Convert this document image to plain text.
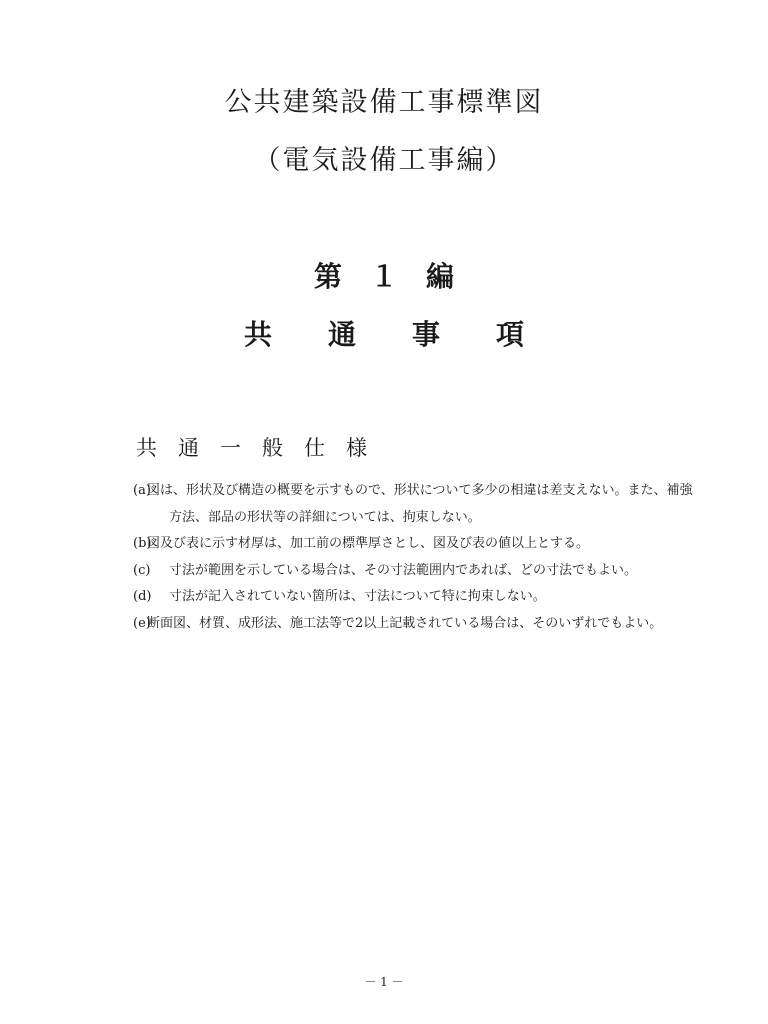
公共建築設備工事標準図
（電気設備工事編）
第　１　編
共　　通　　事　　項
共　通　一　般　仕　様
(a)
図は、形状及び構造の概要を示すもので、形状について多少の相違は差支えない。また、補強方法、部品の形状等の詳細については、拘束しない。
(b)
図及び表に示す材厚は、加工前の標準厚さとし、図及び表の値以上とする。
(c)	寸法が範囲を示している場合は、その寸法範囲内であれば、どの寸法でもよい。
(d)	寸法が記入されていない箇所は、寸法について特に拘束しない。
(e)
断面図、材質、成形法、施工法等で2以上記載されている場合は、そのいずれでもよい。
－ 1 －
